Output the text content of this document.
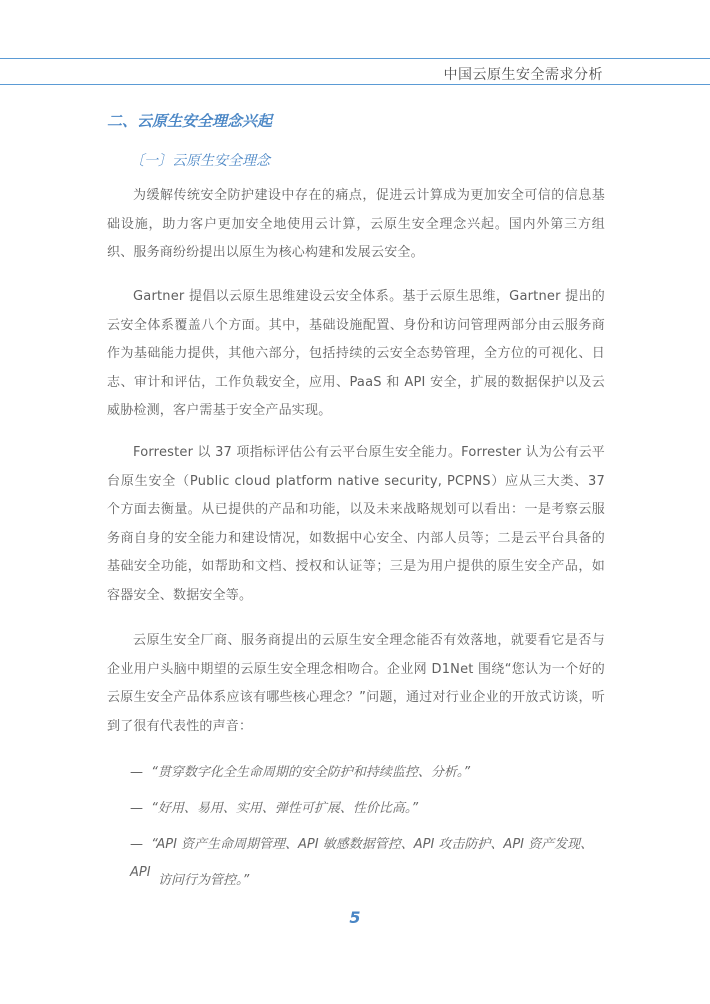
中国云原生安全需求分析
二、云原生安全理念兴起
〔一〕云原生安全理念
为缓解传统安全防护建设中存在的痛点，促进云计算成为更加安全可信的信息基础设施，助力客户更加安全地使用云计算，云原生安全理念兴起。国内外第三方组织、服务商纷纷提出以原生为核心构建和发展云安全。
Gartner 提倡以云原生思维建设云安全体系。基于云原生思维，Gartner 提出的云安全体系覆盖八个方面。其中，基础设施配置、身份和访问管理两部分由云服务商作为基础能力提供，其他六部分，包括持续的云安全态势管理，全方位的可视化、日志、审计和评估，工作负载安全，应用、PaaS 和 API 安全，扩展的数据保护以及云威胁检测，客户需基于安全产品实现。
Forrester 以 37 项指标评估公有云平台原生安全能力。Forrester 认为公有云平台原生安全（Public cloud platform native security, PCPNS）应从三大类、37 个方面去衡量。从已提供的产品和功能，以及未来战略规划可以看出：一是考察云服务商自身的安全能力和建设情况，如数据中心安全、内部人员等；二是云平台具备的基础安全功能，如帮助和文档、授权和认证等；三是为用户提供的原生安全产品，如容器安全、数据安全等。
云原生安全厂商、服务商提出的云原生安全理念能否有效落地，就要看它是否与企业用户头脑中期望的云原生安全理念相吻合。企业网 D1Net 围绕“您认为一个好的云原生安全产品体系应该有哪些核心理念？”问题，通过对行业企业的开放式访谈，听到了很有代表性的声音：
— “贯穿数字化全生命周期的安全防护和持续监控、分析。”
— “好用、易用、实用、弹性可扩展、性价比高。”
— “API 资产生命周期管理、API 敏感数据管控、API 攻击防护、API 资产发现、API
访问行为管控。”
5
